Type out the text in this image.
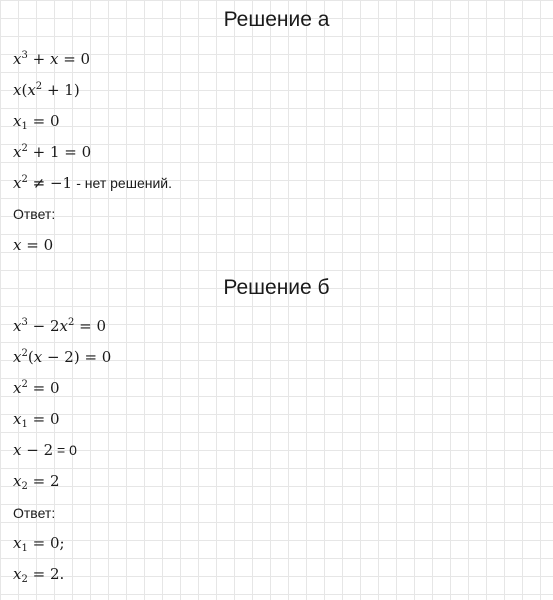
Решение а
$x^3 + x = 0$
$x(x^2 + 1)$
$x_1 = 0$
$x^2 + 1 = 0$
$x^2 \ne -1$ - нет решений.
Ответ:
x = 0
Решение б
$x^3 - 2x^2 = 0$
$x^2(x - 2) = 0$
$x^2 = 0$
$x_1 = 0$
x − 2 = 0
$x_2 = 2$
Ответ:
$x_1 = 0$;
$x_2 = 2$.
